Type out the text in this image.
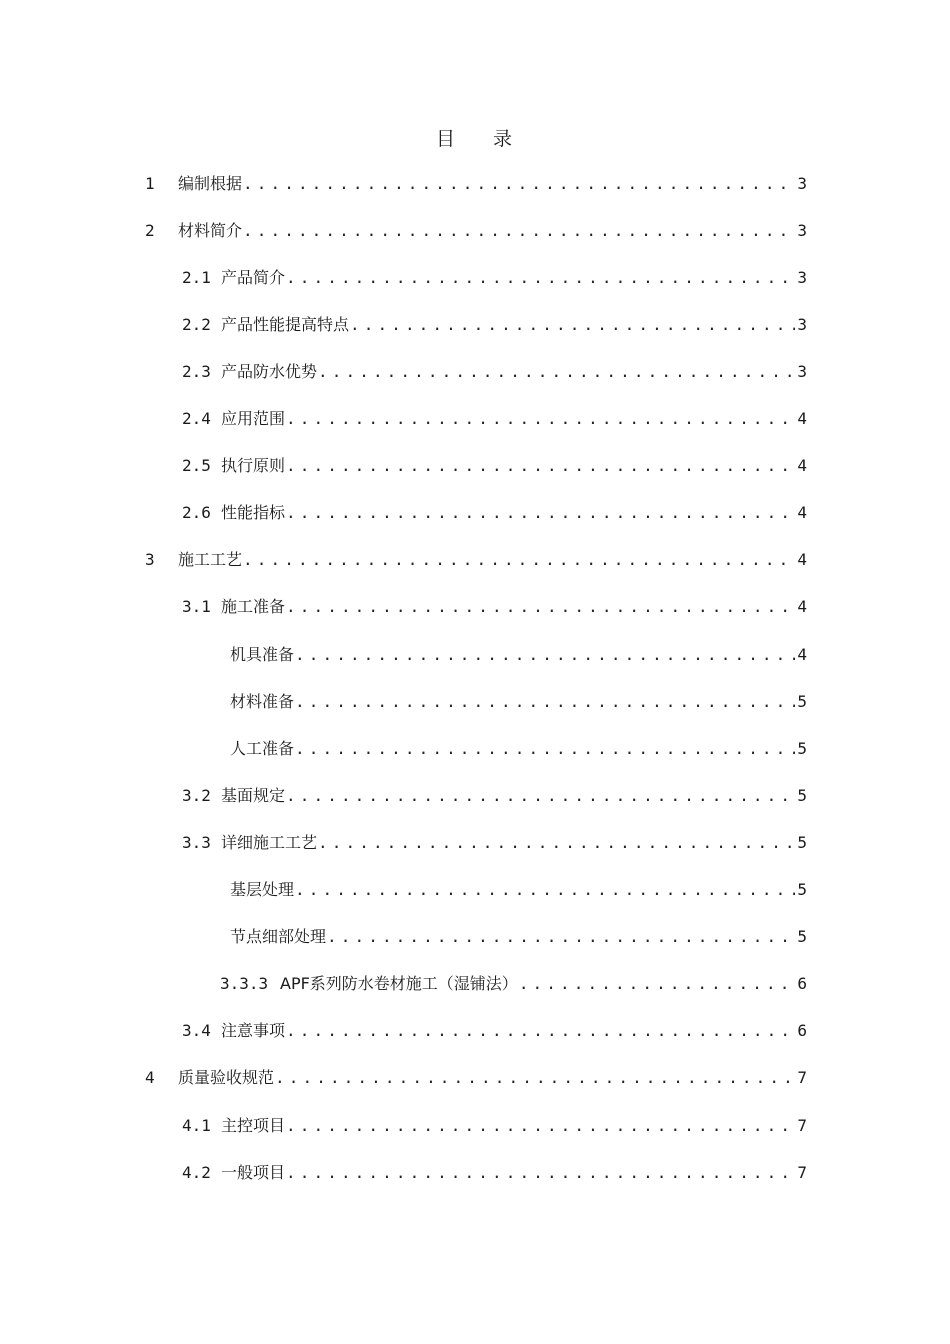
目 录
1 编制根据 .....	3
2 材料简介 .....	3
2.1 产品简介 .....	3
2.2 产品性能提高特点 .....	3
2.3 产品防水优势 .....	3
2.4 应用范围 .....	4
2.5 执行原则 .....	4
2.6 性能指标 .....	4
3 施工工艺 .....	4
3.1 施工准备 .....	4
机具准备 .....	4
材料准备 .....	5
人工准备 .....	5
3.2 基面规定 .....	5
3.3 详细施工工艺 .....	5
基层处理 .....	5
节点细部处理 .....	5
3.3.3 APF系列防水卷材施工（湿铺法） .....	6
3.4 注意事项 .....	6
4 质量验收规范 .....	7
4.1 主控项目 .....	7
4.2 一般项目 .....	7
